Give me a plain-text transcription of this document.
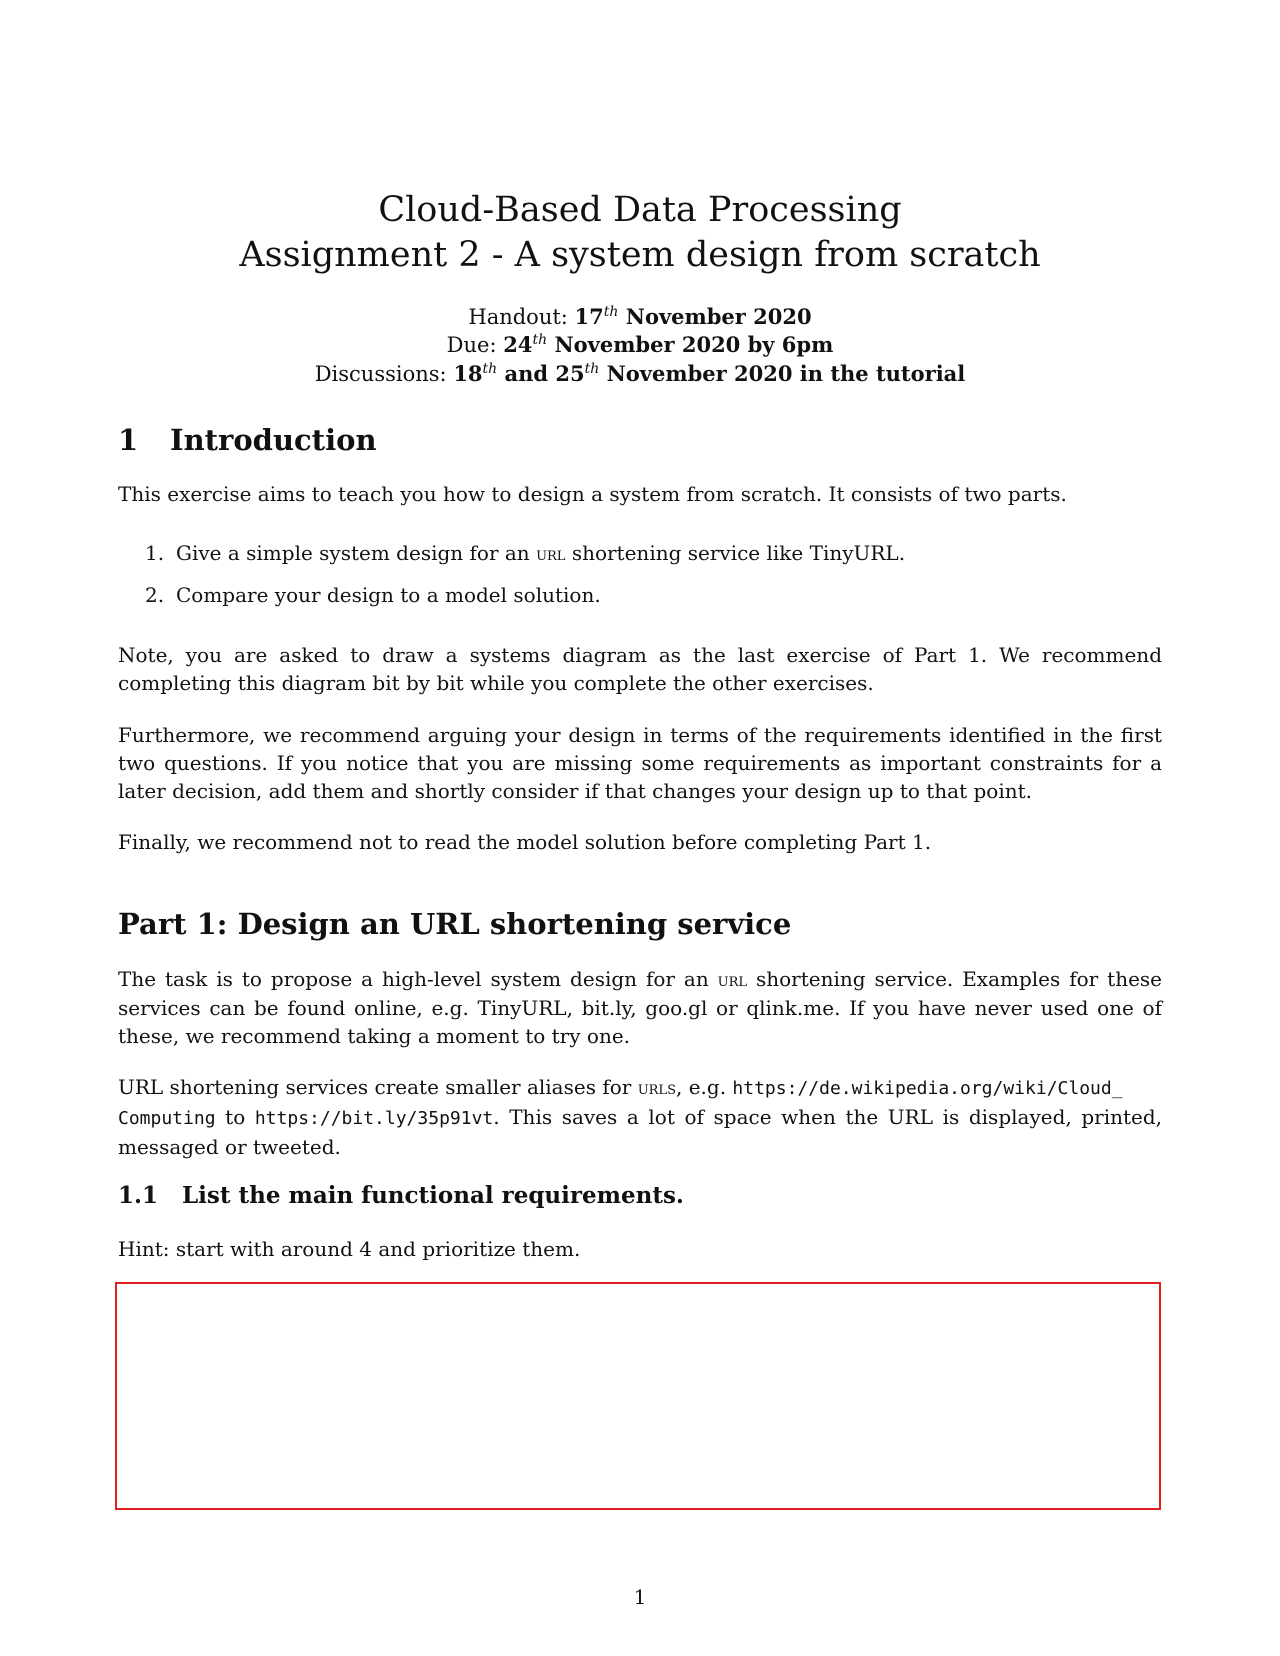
Cloud-Based Data Processing
Assignment 2 - A system design from scratch
Handout: 17th November 2020
Due: 24th November 2020 by 6pm
Discussions: 18th and 25th November 2020 in the tutorial
1 Introduction
This exercise aims to teach you how to design a system from scratch. It consists of two parts.
1. Give a simple system design for an url shortening service like TinyURL.
2. Compare your design to a model solution.
Note, you are asked to draw a systems diagram as the last exercise of Part 1. We recommend completing this diagram bit by bit while you complete the other exercises.
Furthermore, we recommend arguing your design in terms of the requirements identified in the first two questions. If you notice that you are missing some requirements as important constraints for a later decision, add them and shortly consider if that changes your design up to that point.
Finally, we recommend not to read the model solution before completing Part 1.
Part 1: Design an URL shortening service
The task is to propose a high-level system design for an url shortening service. Examples for these services can be found online, e.g. TinyURL, bit.ly, goo.gl or qlink.me. If you have never used one of these, we recommend taking a moment to try one.
URL shortening services create smaller aliases for urls, e.g. https://de.wikipedia.org/wiki/Cloud_
Computing to https://bit.ly/35p91vt. This saves a lot of space when the URL is displayed, printed, messaged or tweeted.
1.1 List the main functional requirements.
Hint: start with around 4 and prioritize them.
1
